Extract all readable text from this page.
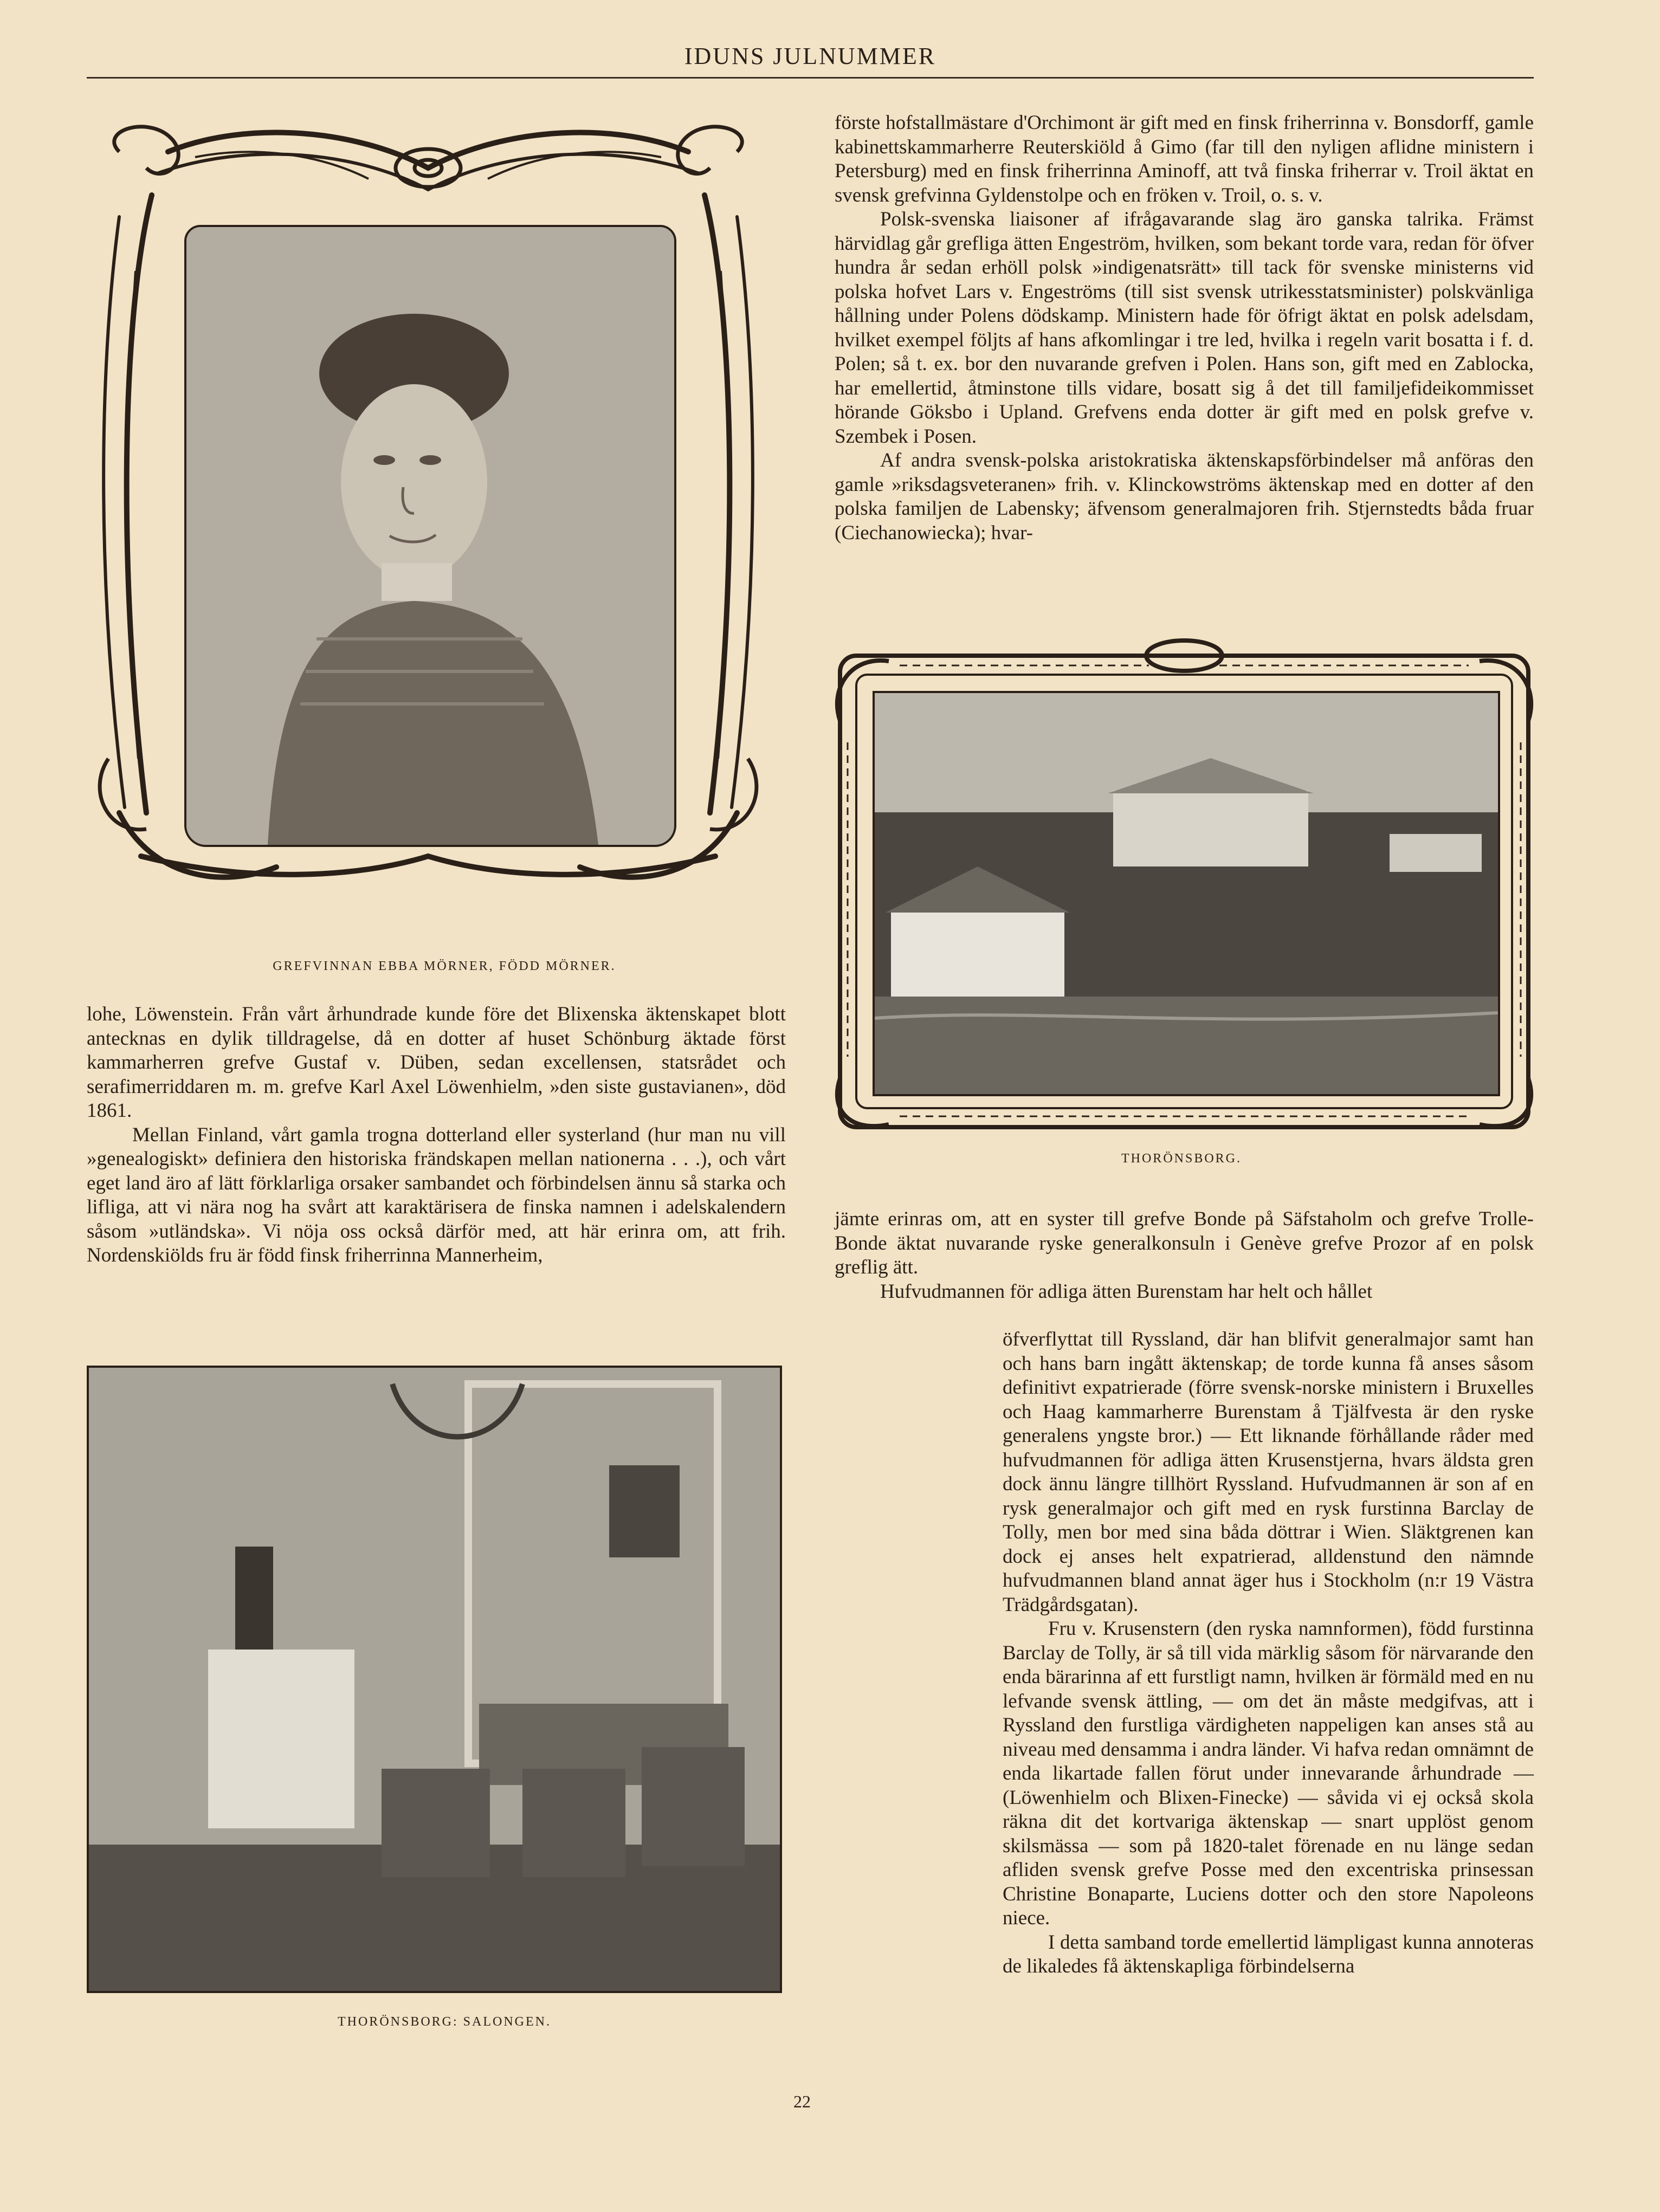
IDUNS JULNUMMER
GREFVINNAN EBBA MÖRNER, FÖDD MÖRNER.

förste hofstallmästare d'Orchimont är gift med en finsk friherrinna v. Bonsdorff, gamle kabinettskammarherre Reuterskiöld å Gimo (far till den nyligen aflidne ministern i Petersburg) med en finsk friherrinna Aminoff, att två finska friherrar v. Troil äktat en svensk grefvinna Gyldenstolpe och en fröken v. Troil, o. s. v.

Polsk-svenska liaisoner af ifrågavarande slag äro ganska talrika. Främst härvidlag går grefliga ätten Engeström, hvilken, som bekant torde vara, redan för öfver hundra år sedan erhöll polsk »indigenatsrätt» till tack för svenske ministerns vid polska hofvet Lars v. Engeströms (till sist svensk utrikesstatsminister) polskvänliga hållning under Polens dödskamp. Ministern hade för öfrigt äktat en polsk adelsdam, hvilket exempel följts af hans afkomlingar i tre led, hvilka i regeln varit bosatta i f. d. Polen; så t. ex. bor den nuvarande grefven i Polen. Hans son, gift med en Zablocka, har emellertid, åtminstone tills vidare, bosatt sig å det till familjefideikommisset hörande Göksbo i Upland. Grefvens enda dotter är gift med en polsk grefve v. Szembek i Posen.

Af andra svensk-polska aristokratiska äktenskapsförbindelser må anföras den gamle »riksdagsveteranen» frih. v. Klinckowströms äktenskap med en dotter af den polska familjen de Labensky; äfvensom generalmajoren frih. Stjernstedts båda fruar (Ciechanowiecka); hvar-

THORÖNSBORG.

lohe, Löwenstein. Från vårt århundrade kunde före det Blixenska äktenskapet blott antecknas en dylik tilldragelse, då en dotter af huset Schönburg äktade först kammarherren grefve Gustaf v. Düben, sedan excellensen, statsrådet och serafimerriddaren m. m. grefve Karl Axel Löwenhielm, »den siste gustavianen», död 1861.

Mellan Finland, vårt gamla trogna dotterland eller systerland (hur man nu vill »genealogiskt» definiera den historiska frändskapen mellan nationerna . . .), och vårt eget land äro af lätt förklarliga orsaker sambandet och förbindelsen ännu så starka och lifliga, att vi nära nog ha svårt att karaktärisera de finska namnen i adelskalendern såsom »utländska». Vi nöja oss också därför med, att här erinra om, att frih. Nordenskiölds fru är född finsk friherrinna Mannerheim,

jämte erinras om, att en syster till grefve Bonde på Säfstaholm och grefve Trolle-Bonde äktat nuvarande ryske generalkonsuln i Genève grefve Prozor af en polsk greflig ätt.

Hufvudmannen för adliga ätten Burenstam har helt och hållet

THORÖNSBORG: SALONGEN.

öfverflyttat till Ryssland, där han blifvit generalmajor samt han och hans barn ingått äktenskap; de torde kunna få anses såsom definitivt expatrierade (förre svensk-norske ministern i Bruxelles och Haag kammarherre Burenstam å Tjälfvesta är den ryske generalens yngste bror.) — Ett liknande förhållande råder med hufvudmannen för adliga ätten Krusenstjerna, hvars äldsta gren dock ännu längre tillhört Ryssland. Hufvudmannen är son af en rysk generalmajor och gift med en rysk furstinna Barclay de Tolly, men bor med sina båda döttrar i Wien. Släktgrenen kan dock ej anses helt expatrierad, alldenstund den nämnde hufvudmannen bland annat äger hus i Stockholm (n:r 19 Västra Trädgårdsgatan).

Fru v. Krusenstern (den ryska namnformen), född furstinna Barclay de Tolly, är så till vida märklig såsom för närvarande den enda bärarinna af ett furstligt namn, hvilken är förmäld med en nu lefvande svensk ättling, — om det än måste medgifvas, att i Ryssland den furstliga värdigheten nappeligen kan anses stå au niveau med densamma i andra länder. Vi hafva redan omnämnt de enda likartade fallen förut under innevarande århundrade — (Löwenhielm och Blixen-Finecke) — såvida vi ej också skola räkna dit det kortvariga äktenskap — snart upplöst genom skilsmässa — som på 1820-talet förenade en nu länge sedan afliden svensk grefve Posse med den excentriska prinsessan Christine Bonaparte, Luciens dotter och den store Napoleons niece.

I detta samband torde emellertid lämpligast kunna annoteras de likaledes få äktenskapliga förbindelserna

22
